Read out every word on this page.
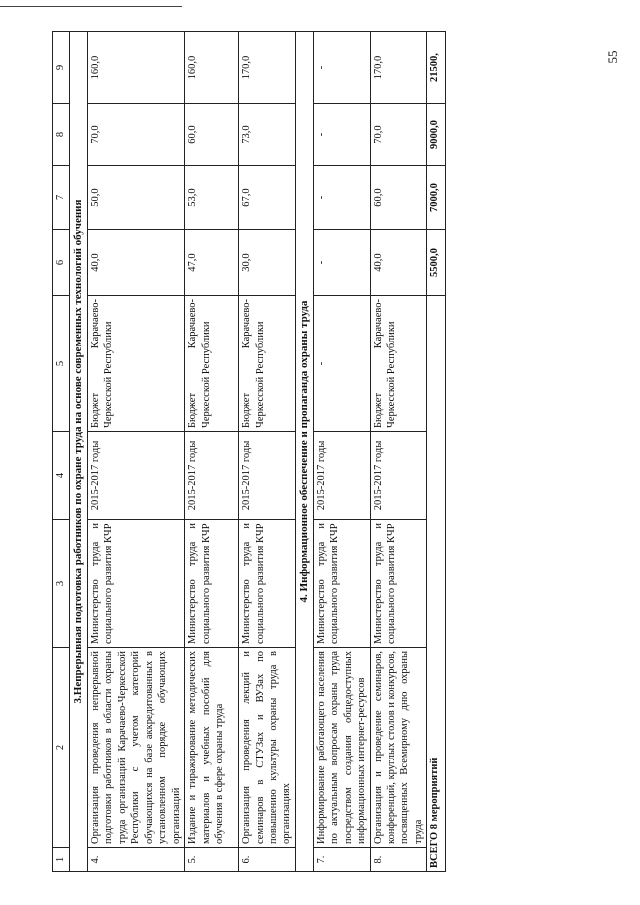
55
1	2	3	4	5	6	7	8	9
3.Непрерывная подготовка работников по охране труда на основе современных технологий обучения								
4.	Организация проведения непрерывной подготовки работников в области охраны труда организаций Карачаево-Черкесской Республики с учетом категорий обучающихся на базе аккредитованных в установленном порядке обучающих организаций	Министерство труда и социального развития КЧР	2015-2017 годы	Бюджет Карачаево-Черкесской Республики	40,0	50,0	70,0	160,0
5.	Издание и тиражирование методических материалов и учебных пособий для обучения в сфере охраны труда	Министерство труда и социального развития КЧР	2015-2017 годы	Бюджет Карачаево-Черкесской Республики	47,0	53,0	60,0	160,0
6.	Организация проведения лекций и семинаров в СТУЗах и ВУЗах по повышению культуры охраны труда в организациях	Министерство труда и социального развития КЧР	2015-2017 годы	Бюджет Карачаево-Черкесской Республики	30,0	67,0	73,0	170,0
4. Информационное обеспечение и пропаганда охраны труда								
7.	Информирование работающего населения по актуальным вопросам охраны труда посредством создания общедоступных информационных интернет-ресурсов	Министерство труда и социального развития КЧР	2015-2017 годы	-	-	-	-	-
8.	Организация и проведение семинаров, конференций, круглых столов и конкурсов, посвященных Всемирному дню охраны труда	Министерство труда и социального развития КЧР	2015-2017 годы	Бюджет Карачаево-Черкесской Республики	40,0	60,0	70,0	170,0
ВСЕГО 8 мероприятий					5500,0	7000,0	9000,0	21500,
